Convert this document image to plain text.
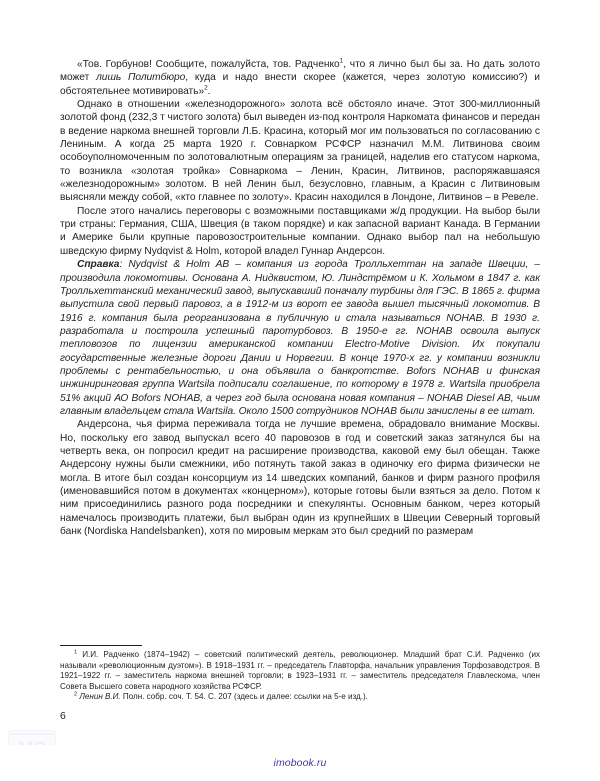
«Тов. Горбунов! Сообщите, пожалуйста, тов. Радченко$^1$, что я лично был бы за. Но дать золото может лишь Политбюро, куда и надо внести скорее (кажется, через золотую комиссию?) и обстоятельнее мотивировать»$^2$.

Однако в отношении «железнодорожного» золота всё обстояло иначе. Этот 300-миллионный золотой фонд (232,3 т чистого золота) был выведен из-под контроля Наркомата финансов и передан в ведение наркома внешней торговли Л.Б. Красина, который мог им пользоваться по согласованию с Лениным. А когда 25 марта 1920 г. Совнарком РСФСР назначил М.М. Литвинова своим особоуполномоченным по золотовалютным операциям за границей, наделив его статусом наркома, то возникла «золотая тройка» Совнаркома – Ленин, Красин, Литвинов, распоряжавшаяся «железнодорожным» золотом. В ней Ленин был, безусловно, главным, а Красин с Литвиновым выясняли между собой, «кто главнее по золоту». Красин находился в Лондоне, Литвинов – в Ревеле.

После этого начались переговоры с возможными поставщиками ж/д продукции. На выбор были три страны: Германия, США, Швеция (в таком порядке) и как запасной вариант Канада. В Германии и Америке были крупные паровозостроительные компании. Однако выбор пал на небольшую шведскую фирму Nydqvist & Holm, которой владел Гуннар Андерсон.

Справка: Nydqvist & Holm AB – компания из города Тролльхеттан на западе Швеции, – производила локомотивы. Основана А. Нидквистом, Ю. Линдстрёмом и К. Хольмом в 1847 г. как Тролльхеттанский механический завод, выпускавший поначалу турбины для ГЭС. В 1865 г. фирма выпустила свой первый паровоз, а в 1912-м из ворот ее завода вышел тысячный локомотив. В 1916 г. компания была реорганизована в публичную и стала называться NOHAB. В 1930 г. разработала и построила успешный паротурбовоз. В 1950-е гг. NOHAB освоила выпуск тепловозов по лицензии американской компании Electro-Motive Division. Их покупали государственные железные дороги Дании и Норвегии. В конце 1970-х гг. у компании возникли проблемы с рентабельностью, и она объявила о банкротстве. Bofors NOHAB и финская инжиниринговая группа Wartsila подписали соглашение, по которому в 1978 г. Wartsila приобрела 51% акций АО Bofors NOHAB, а через год была основана новая компания – NOHAB Diesel AB, чьим главным владельцем стала Wartsila. Около 1500 сотрудников NOHAB были зачислены в ее штат.

Андерсона, чья фирма переживала тогда не лучшие времена, обрадовало внимание Москвы. Но, поскольку его завод выпускал всего 40 паровозов в год и советский заказ затянулся бы на четверть века, он попросил кредит на расширение производства, каковой ему был обещан. Также Андерсону нужны были смежники, ибо потянуть такой заказ в одиночку его фирма физически не могла. В итоге был создан консорциум из 14 шведских компаний, банков и фирм разного профиля (именовавшийся потом в документах «концерном»), которые готовы были взяться за дело. Потом к ним присоединились разного рода посредники и спекулянты. Основным банком, через который намечалось производить платежи, был выбран один из крупнейших в Швеции Северный торговый банк (Nordiska Handelsbanken), хотя по мировым меркам это был средний по размерам

$^1$ И.И. Радченко (1874–1942) – советский политический деятель, революционер. Младший брат С.И. Радченко (их называли «революционным дуэтом»). В 1918–1931 гг. – председатель Главторфа, начальник управления Торфозаводстроя. В 1921–1922 гг. – заместитель наркома внешней торговли; в 1923–1931 гг. – заместитель председателя Главлескома, член Совета Высшего совета народного хозяйства РСФСР.

$^2$ Ленин В.И. Полн. собр. соч. Т. 54. С. 207 (здесь и далее: ссылки на 5-е изд.).

6
imobook.ru
